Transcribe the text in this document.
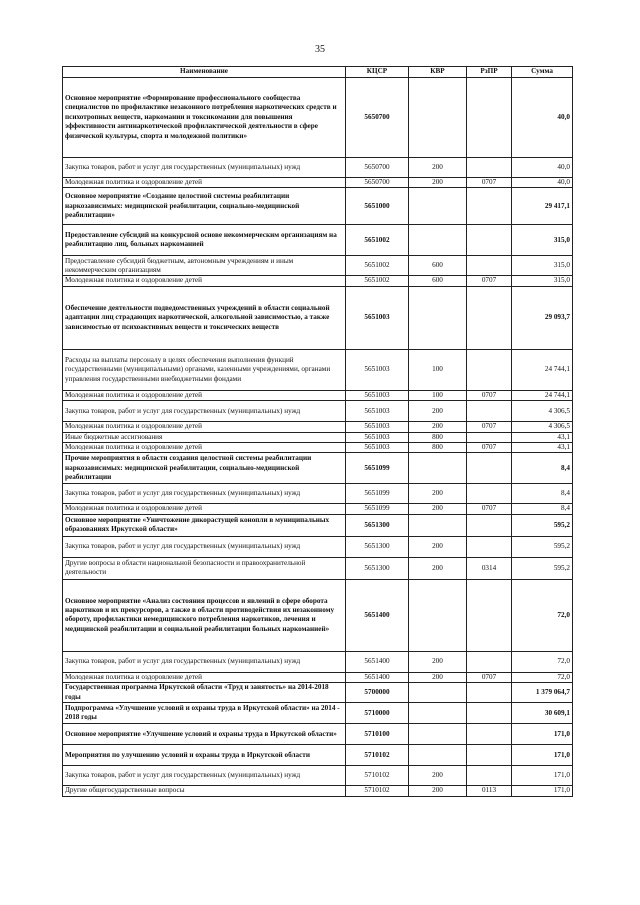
35
Наименование	КЦСР	КВР	РзПР	Сумма
Основное мероприятие «Формирование профессионального сообщества специалистов по профилактике незаконного потребления наркотических средств и психотропных веществ, наркомании и токсикомании для повышения эффективности антинаркотической профилактической деятельности в сфере физической культуры, спорта и молодежной политики»	5650700			40,0
Закупка товаров, работ и услуг для государственных (муниципальных) нужд	5650700	200		40,0
Молодежная политика и оздоровление детей	5650700	200	0707	40,0
Основное мероприятие «Создание целостной системы реабилитации наркозависимых: медицинской реабилитации, социально-медицинской реабилитации»	5651000			29 417,1
Предоставление субсидий на конкурсной основе некоммерческим организациям на реабилитацию лиц, больных наркоманией	5651002			315,0
Предоставление субсидий бюджетным, автономным учреждениям и иным некоммерческим организациям	5651002	600		315,0
Молодежная политика и оздоровление детей	5651002	600	0707	315,0
Обеспечение деятельности подведомственных учреждений в области социальной адаптации лиц страдающих наркотической, алкогольной зависимостью, а также зависимостью от психоактивных веществ и токсических веществ	5651003			29 093,7
Расходы на выплаты персоналу в целях обеспечения выполнения функций государственными (муниципальными) органами, казенными учреждениями, органами управления государственными внебюджетными фондами	5651003	100		24 744,1
Молодежная политика и оздоровление детей	5651003	100	0707	24 744,1
Закупка товаров, работ и услуг для государственных (муниципальных) нужд	5651003	200		4 306,5
Молодежная политика и оздоровление детей	5651003	200	0707	4 306,5
Иные бюджетные ассигнования	5651003	800		43,1
Молодежная политика и оздоровление детей	5651003	800	0707	43,1
Прочие мероприятия в области создания целостной системы реабилитации наркозависимых: медицинской реабилитации, социально-медицинской реабилитации	5651099			8,4
Закупка товаров, работ и услуг для государственных (муниципальных) нужд	5651099	200		8,4
Молодежная политика и оздоровление детей	5651099	200	0707	8,4
Основное мероприятие «Уничтожение дикорастущей конопли в муниципальных образованиях Иркутской области»	5651300			595,2
Закупка товаров, работ и услуг для государственных (муниципальных) нужд	5651300	200		595,2
Другие вопросы в области национальной безопасности и правоохранительной деятельности	5651300	200	0314	595,2
Основное мероприятие «Анализ состояния процессов и явлений в сфере оборота наркотиков и их прекурсоров, а также в области противодействия их незаконному обороту, профилактики немедицинского потребления наркотиков, лечения и медицинской реабилитации и социальной реабилитации больных наркоманией»	5651400			72,0
Закупка товаров, работ и услуг для государственных (муниципальных) нужд	5651400	200		72,0
Молодежная политика и оздоровление детей	5651400	200	0707	72,0
Государственная программа Иркутской области «Труд и занятость» на 2014-2018 годы	5700000			1 379 064,7
Подпрограмма «Улучшение условий и охраны труда в Иркутской области» на 2014 - 2018 годы	5710000			30 609,1
Основное мероприятие «Улучшение условий и охраны труда в Иркутской области»	5710100			171,0
Мероприятия по улучшению условий и охраны труда в Иркутской области	5710102			171,0
Закупка товаров, работ и услуг для государственных (муниципальных) нужд	5710102	200		171,0
Другие общегосударственные вопросы	5710102	200	0113	171,0
